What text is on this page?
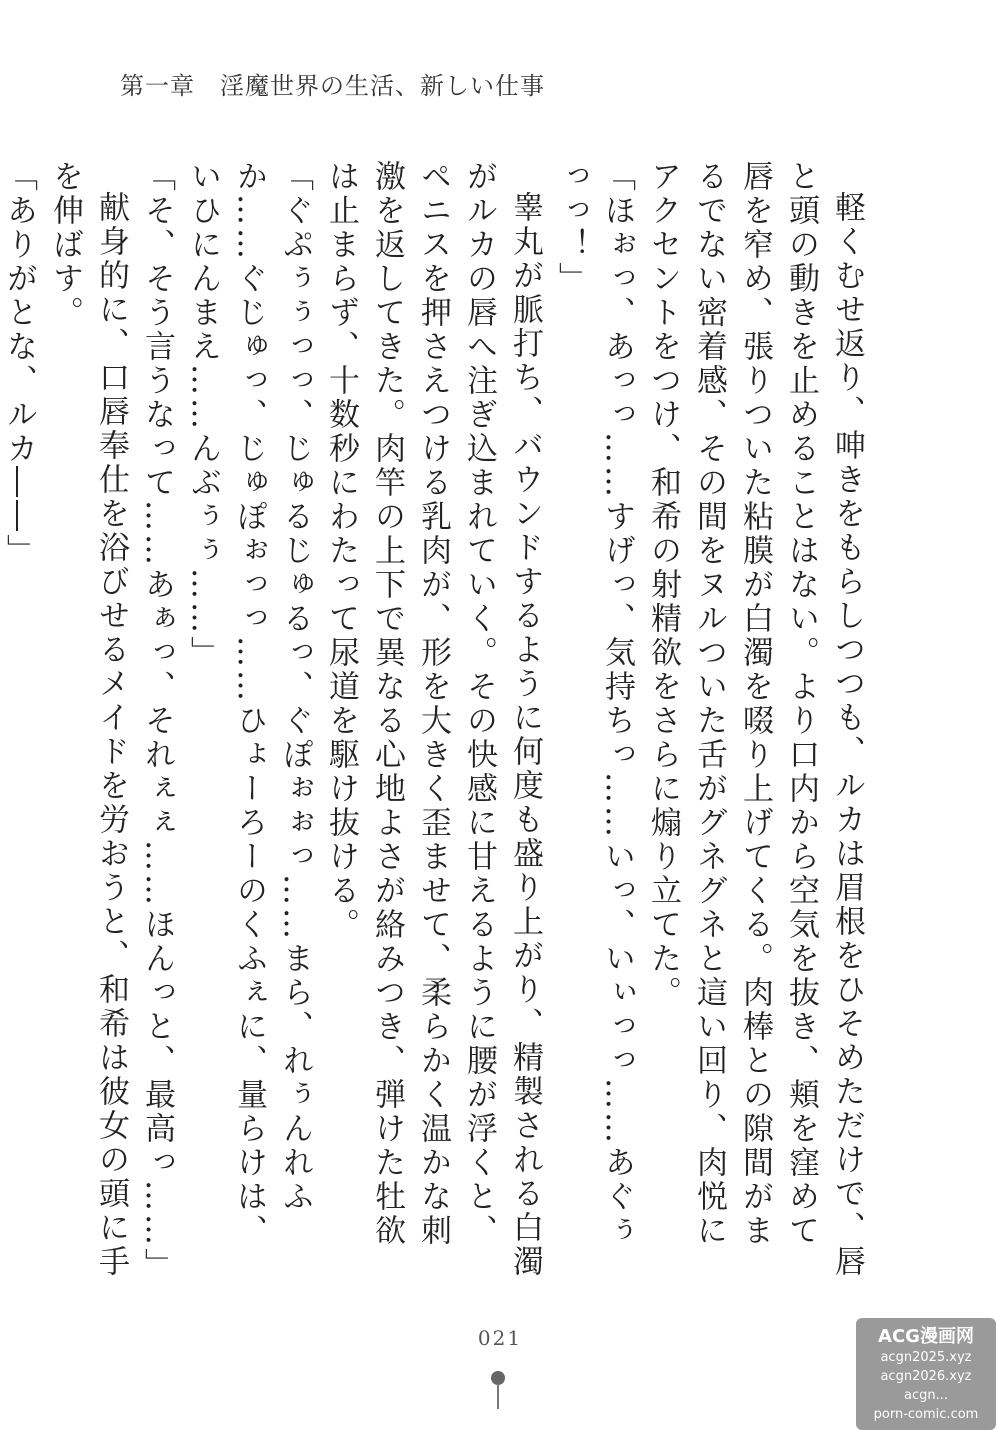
第一章　淫魔世界の生活、新しい仕事

軽くむせ返り、呻きをもらしつつも、ルカは眉根をひそめただけで、唇と頭の動きを止めることはない。より口内から空気を抜き、頬を窪めて唇を窄め、張りついた粘膜が白濁を啜り上げてくる。肉棒との隙間がまるでない密着感、その間をヌルついた舌がグネグネと這い回り、肉悦にアクセントをつけ、和希の射精欲をさらに煽り立てた。

「ほぉっ、あっっ……すげっ、気持ちっ……いっ、いぃっっ……あぐぅっっ！」

睾丸が脈打ち、バウンドするように何度も盛り上がり、精製される白濁がルカの唇へ注ぎ込まれていく。その快感に甘えるように腰が浮くと、ペニスを押さえつける乳肉が、形を大きく歪ませて、柔らかく温かな刺激を返してきた。肉竿の上下で異なる心地よさが絡みつき、弾けた牡欲は止まらず、十数秒にわたって尿道を駆け抜ける。

「ぐぷぅぅっっ、じゅるじゅるっ、ぐぽぉぉっ……まら、れぅんれふか……ぐじゅっ、じゅぽぉっっ……ひょーろーのくふぇに、量らけは、いひにんまえ……んぶぅぅ……」

「そ、そう言うなって……あぁっ、それぇぇ……ほんっと、最高っ……」

献身的に、口唇奉仕を浴びせるメイドを労おうと、和希は彼女の頭に手を伸ばす。

「ありがとな、ルカ――」

021	ACG漫画网
acgn2025.xyz
acgn2026.xyz
acgn...
porn-comic.com
